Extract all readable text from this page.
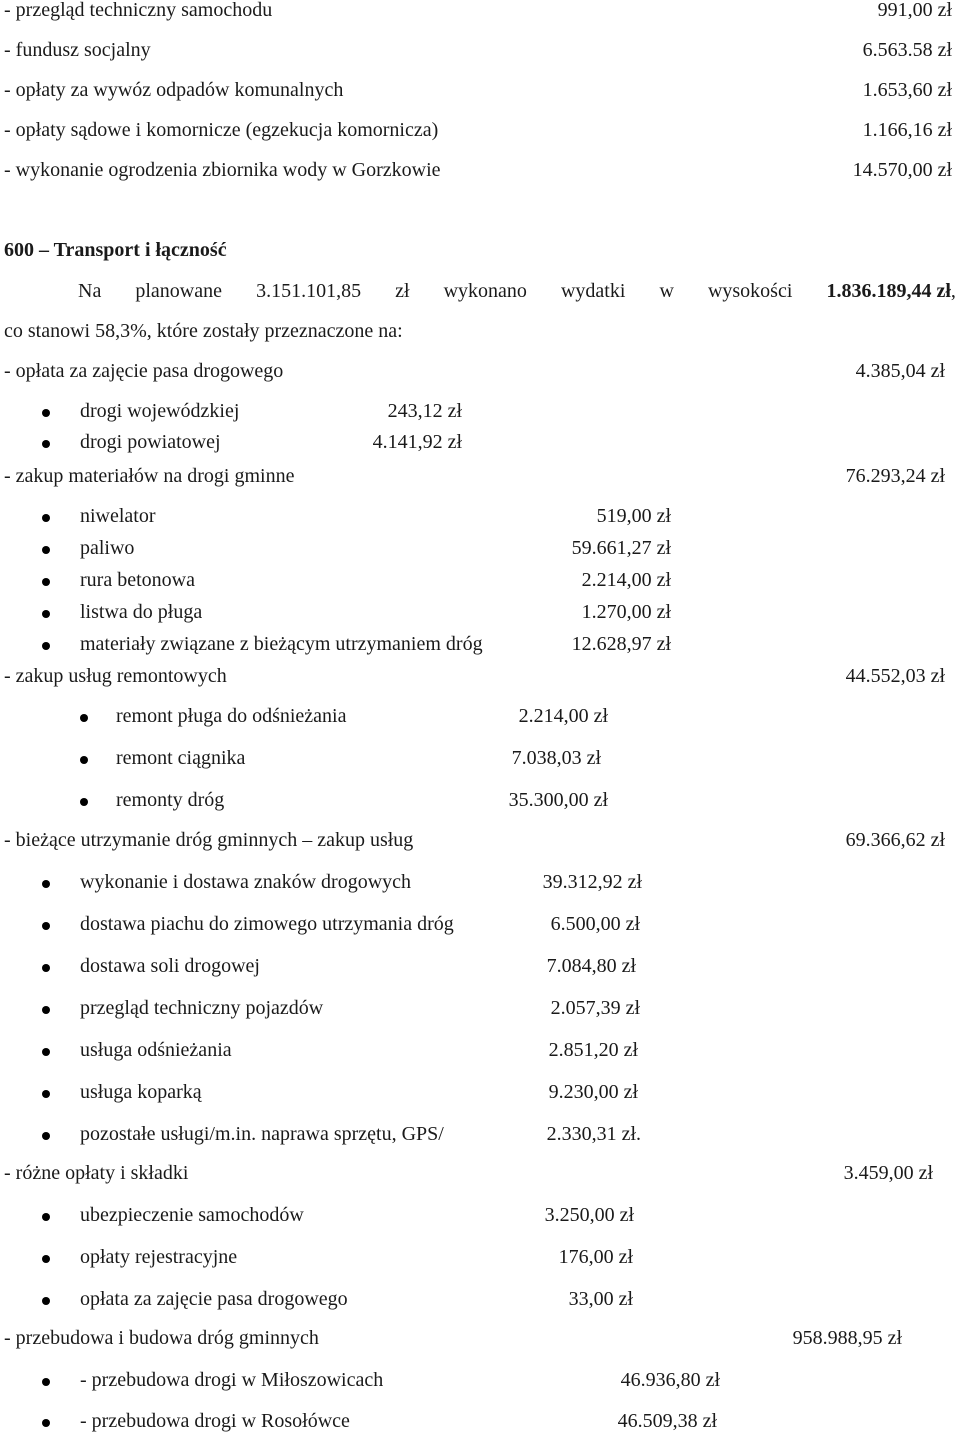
- przegląd techniczny samochodu	991,00 zł
- fundusz socjalny	6.563.58 zł
- opłaty za wywóz odpadów komunalnych	1.653,60 zł
- opłaty sądowe i komornicze (egzekucja komornicza)	1.166,16 zł
- wykonanie ogrodzenia zbiornika wody w Gorzkowie	14.570,00 zł
600 – Transport i łączność
Na planowane 3.151.101,85 zł wykonano wydatki w wysokości 1.836.189,44 zł,
co stanowi 58,3%, które zostały przeznaczone na:
- opłata za zajęcie pasa drogowego	4.385,04 zł
drogi wojewódzkiej	243,12 zł
drogi powiatowej	4.141,92 zł
- zakup materiałów na drogi gminne	76.293,24 zł
niwelator	519,00 zł
paliwo	59.661,27 zł
rura betonowa	2.214,00 zł
listwa do pługa	1.270,00 zł
materiały związane z bieżącym utrzymaniem dróg	12.628,97 zł
- zakup usług remontowych	44.552,03 zł
remont pługa do odśnieżania	2.214,00 zł
remont ciągnika	7.038,03 zł
remonty dróg	35.300,00 zł
- bieżące utrzymanie dróg gminnych – zakup usług	69.366,62 zł
wykonanie i dostawa znaków drogowych	39.312,92 zł
dostawa piachu do zimowego utrzymania dróg	6.500,00 zł
dostawa soli drogowej	7.084,80 zł
przegląd techniczny pojazdów	2.057,39 zł
usługa odśnieżania	2.851,20 zł
usługa koparką	9.230,00 zł
pozostałe usługi/m.in. naprawa sprzętu, GPS/	2.330,31 zł.
- różne opłaty i składki	3.459,00 zł
ubezpieczenie samochodów	3.250,00 zł
opłaty rejestracyjne	176,00 zł
opłata za zajęcie pasa drogowego	33,00 zł
- przebudowa i budowa dróg gminnych	958.988,95 zł
- przebudowa drogi w Miłoszowicach	46.936,80 zł
- przebudowa drogi w Rosołówce	46.509,38 zł
